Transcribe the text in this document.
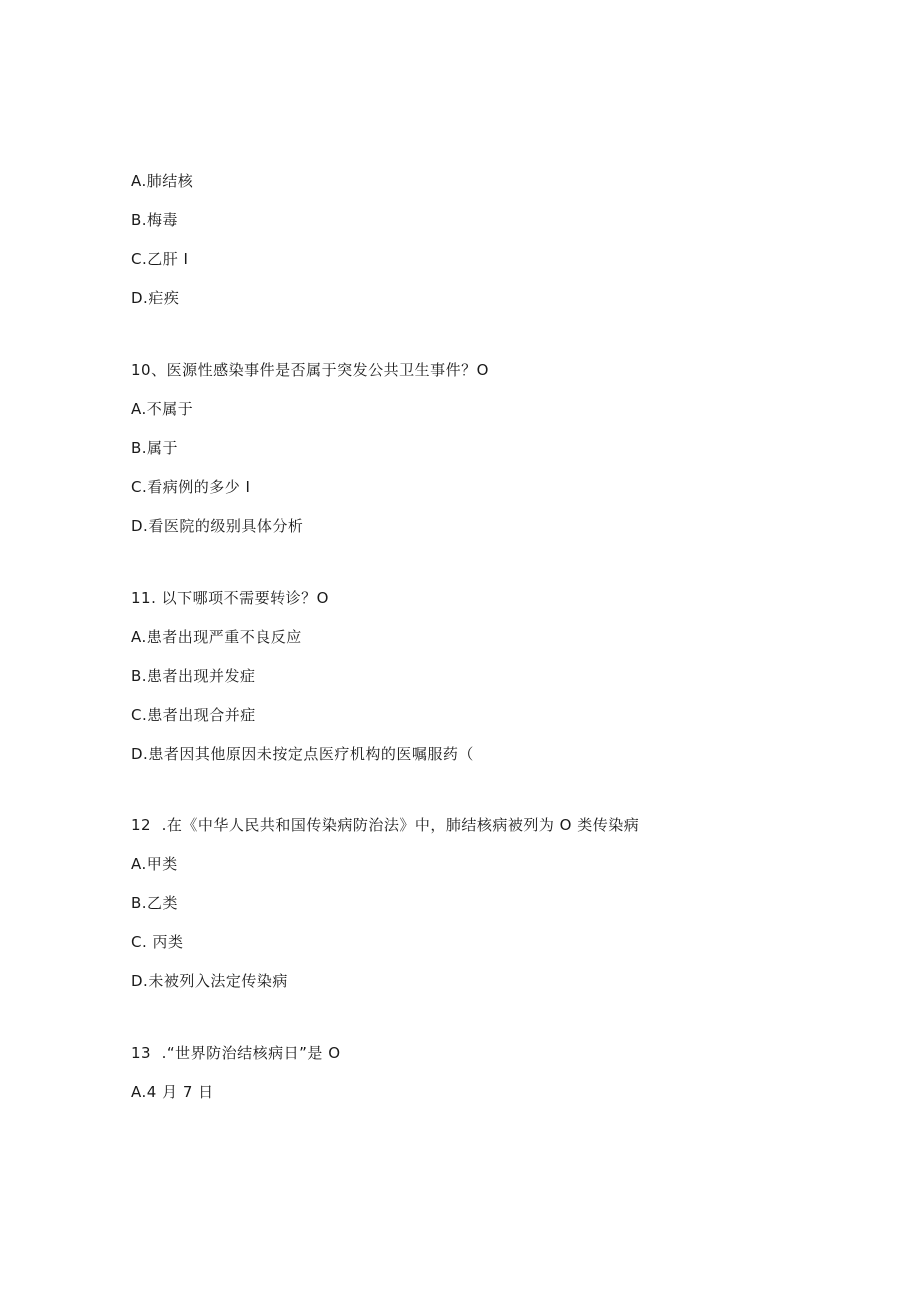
A.肺结核
B.梅毒
C.乙肝 I
D.疟疾
10、医源性感染事件是否属于突发公共卫生事件？O
A.不属于
B.属于
C.看病例的多少 I
D.看医院的级别具体分析
11. 以下哪项不需要转诊？O
A.患者出现严重不良反应
B.患者出现并发症
C.患者出现合并症
D.患者因其他原因未按定点医疗机构的医嘱服药（
12  .在《中华人民共和国传染病防治法》中，肺结核病被列为 O 类传染病
A.甲类
B.乙类
C. 丙类
D.未被列入法定传染病
13  .“世界防治结核病日”是 O
A.4 月 7 日
